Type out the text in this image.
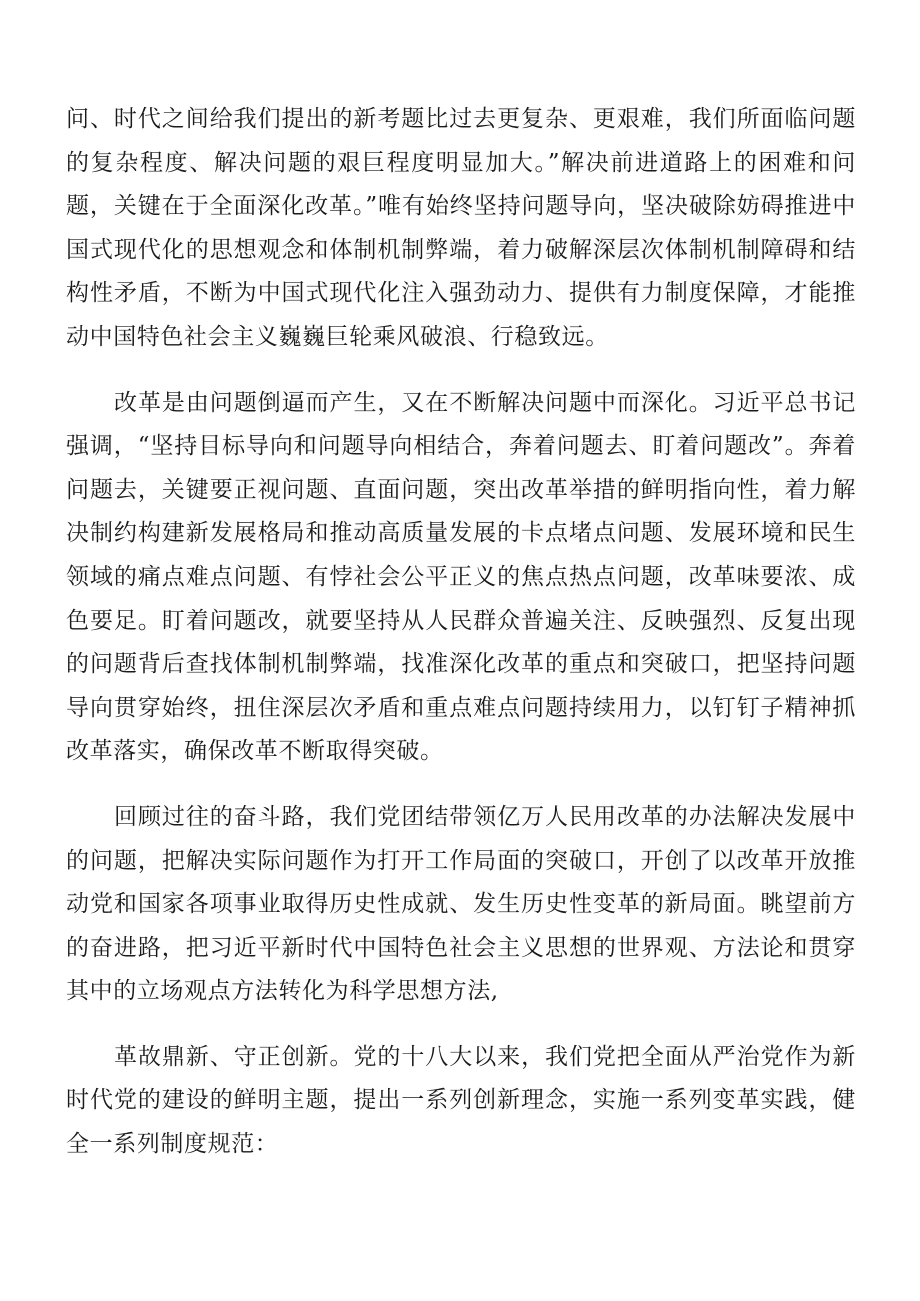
问、时代之间给我们提出的新考题比过去更复杂、更艰难，我们所面临问题的复杂程度、解决问题的艰巨程度明显加大。”解决前进道路上的困难和问题，关键在于全面深化改革。”唯有始终坚持问题导向，坚决破除妨碍推进中国式现代化的思想观念和体制机制弊端，着力破解深层次体制机制障碍和结构性矛盾，不断为中国式现代化注入强劲动力、提供有力制度保障，才能推动中国特色社会主义巍巍巨轮乘风破浪、行稳致远。

改革是由问题倒逼而产生，又在不断解决问题中而深化。习近平总书记强调，“坚持目标导向和问题导向相结合，奔着问题去、盯着问题改”。奔着问题去，关键要正视问题、直面问题，突出改革举措的鲜明指向性，着力解决制约构建新发展格局和推动高质量发展的卡点堵点问题、发展环境和民生领域的痛点难点问题、有悖社会公平正义的焦点热点问题，改革味要浓、成色要足。盯着问题改，就要坚持从人民群众普遍关注、反映强烈、反复出现的问题背后查找体制机制弊端，找准深化改革的重点和突破口，把坚持问题导向贯穿始终，扭住深层次矛盾和重点难点问题持续用力，以钉钉子精神抓改革落实，确保改革不断取得突破。

回顾过往的奋斗路，我们党团结带领亿万人民用改革的办法解决发展中的问题，把解决实际问题作为打开工作局面的突破口，开创了以改革开放推动党和国家各项事业取得历史性成就、发生历史性变革的新局面。眺望前方的奋进路，把习近平新时代中国特色社会主义思想的世界观、方法论和贯穿其中的立场观点方法转化为科学思想方法,

革故鼎新、守正创新。党的十八大以来，我们党把全面从严治党作为新时代党的建设的鲜明主题，提出一系列创新理念，实施一系列变革实践，健全一系列制度规范：
